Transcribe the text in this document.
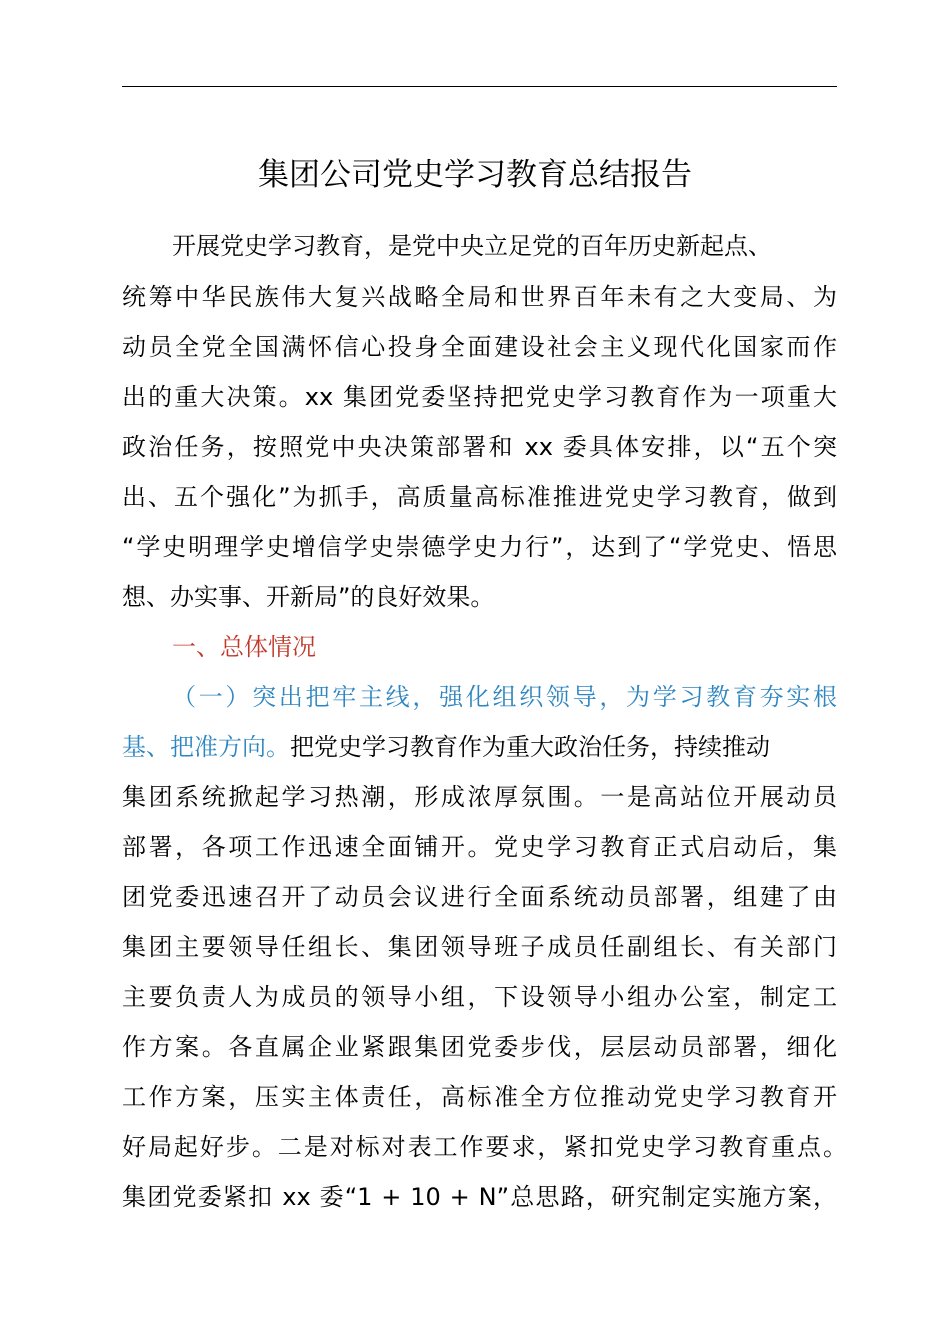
集团公司党史学习教育总结报告
开展党史学习教育，是党中央立足党的百年历史新起点、
统筹中华民族伟大复兴战略全局和世界百年未有之大变局、为
动员全党全国满怀信心投身全面建设社会主义现代化国家而作
出的重大决策。xx 集团党委坚持把党史学习教育作为一项重大
政治任务，按照党中央决策部署和 xx 委具体安排，以“五个突
出、五个强化”为抓手，高质量高标准推进党史学习教育，做到
“学史明理学史增信学史崇德学史力行”，达到了“学党史、悟思
想、办实事、开新局”的良好效果。
一、总体情况
（一）突出把牢主线，强化组织领导，为学习教育夯实根
基、把准方向。把党史学习教育作为重大政治任务，持续推动
集团系统掀起学习热潮，形成浓厚氛围。一是高站位开展动员
部署，各项工作迅速全面铺开。党史学习教育正式启动后，集
团党委迅速召开了动员会议进行全面系统动员部署，组建了由
集团主要领导任组长、集团领导班子成员任副组长、有关部门
主要负责人为成员的领导小组，下设领导小组办公室，制定工
作方案。各直属企业紧跟集团党委步伐，层层动员部署，细化
工作方案，压实主体责任，高标准全方位推动党史学习教育开
好局起好步。二是对标对表工作要求，紧扣党史学习教育重点。
集团党委紧扣 xx 委“1 + 10 + N”总思路，研究制定实施方案，
